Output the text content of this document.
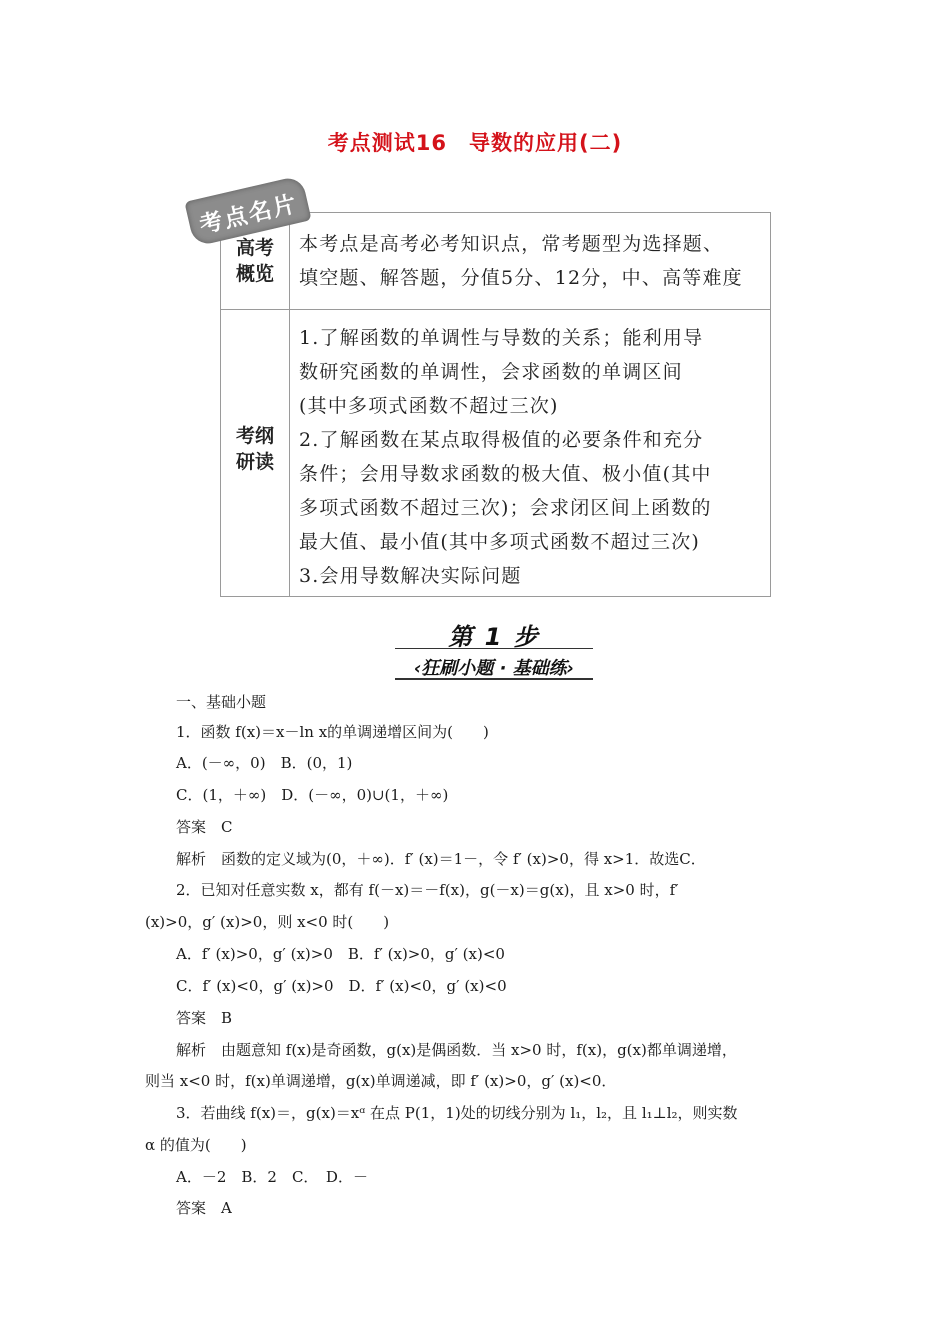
考点测试16　导数的应用(二)
高考
概览
本考点是高考必考知识点，常考题型为选择题、
填空题、解答题，分值5分、12分，中、高等难度
考纲
研读
1.了解函数的单调性与导数的关系；能利用导
数研究函数的单调性，会求函数的单调区间
(其中多项式函数不超过三次)
2.了解函数在某点取得极值的必要条件和充分
条件；会用导数求函数的极大值、极小值(其中
多项式函数不超过三次)；会求闭区间上函数的
最大值、最小值(其中多项式函数不超过三次)
3.会用导数解决实际问题
考点名片
第 1 步
‹狂刷小题 · 基础练›
一、基础小题
1．函数 f(x)＝x－ln x的单调递增区间为(　　)
A．(－∞，0)　B．(0，1)
C．(1，＋∞)　D．(－∞，0)∪(1，＋∞)
答案　C
解析　函数的定义域为(0，＋∞)．f′ (x)＝1－，令 f′ (x)>0，得 x>1．故选C．
2．已知对任意实数 x，都有 f(－x)＝－f(x)，g(－x)＝g(x)，且 x>0 时，f′
(x)>0，g′ (x)>0，则 x<0 时(　　)
A．f′ (x)>0，g′ (x)>0　B．f′ (x)>0，g′ (x)<0
C．f′ (x)<0，g′ (x)>0　D．f′ (x)<0，g′ (x)<0
答案　B
解析　由题意知 f(x)是奇函数，g(x)是偶函数．当 x>0 时，f(x)，g(x)都单调递增，
则当 x<0 时，f(x)单调递增，g(x)单调递减，即 f′ (x)>0，g′ (x)<0．
3．若曲线 f(x)＝，g(x)＝xᵅ 在点 P(1，1)处的切线分别为 l₁，l₂，且 l₁⊥l₂，则实数
α 的值为(　　)
A．－2　B．2　C．　D．－
答案　A
